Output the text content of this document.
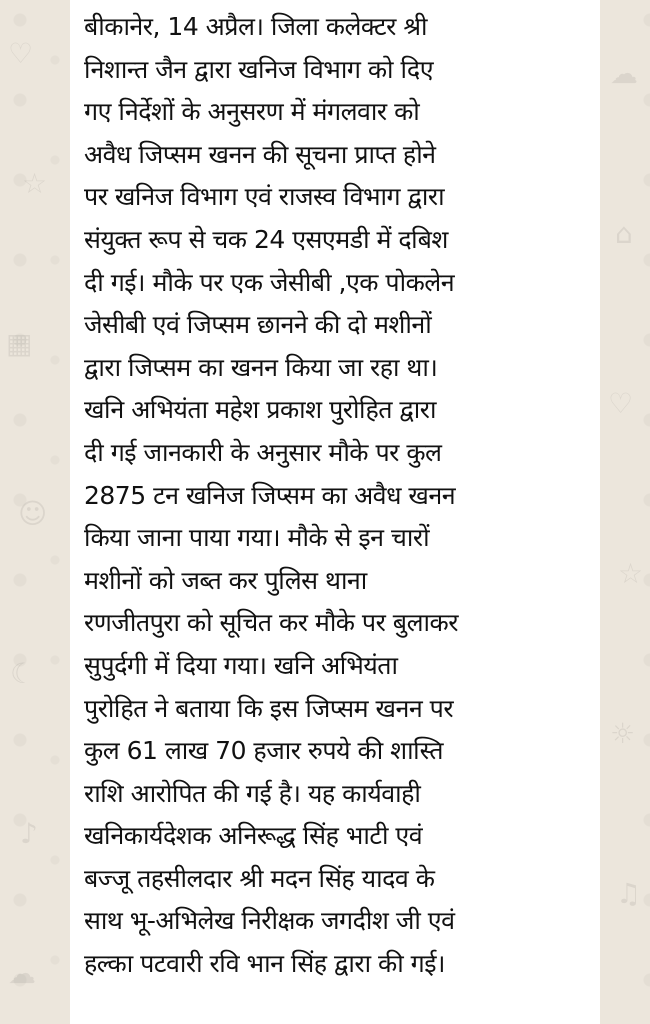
♡
☆
▦
☺
☾
♪
☁
☁
⌂
♡
☆
☼
♫

बीकानेर, 14 अप्रैल। जिला कलेक्टर श्री
निशान्त जैन द्वारा खनिज विभाग को दिए
गए निर्देशों के अनुसरण में मंगलवार को
अवैध जिप्सम खनन की सूचना प्राप्त होने
पर खनिज विभाग एवं राजस्व विभाग द्वारा
संयुक्त रूप से चक 24 एसएमडी में दबिश
दी गई। मौके पर एक जेसीबी ,एक पोकलेन
जेसीबी एवं जिप्सम छानने की दो मशीनों
द्वारा जिप्सम का खनन किया जा रहा था।
खनि अभियंता महेश प्रकाश पुरोहित द्वारा
दी गई जानकारी के अनुसार मौके पर कुल
2875 टन खनिज जिप्सम का अवैध खनन
किया जाना पाया गया। मौके से इन चारों
मशीनों को जब्त कर पुलिस थाना
रणजीतपुरा को सूचित कर मौके पर बुलाकर
सुपुर्दगी में दिया गया। खनि अभियंता
पुरोहित ने बताया कि इस जिप्सम खनन पर
कुल 61 लाख 70 हजार रुपये की शास्ति
राशि आरोपित की गई है। यह कार्यवाही
खनिकार्यदेशक अनिरूद्ध सिंह भाटी एवं
बज्जू तहसीलदार श्री मदन सिंह यादव के
साथ भू-अभिलेख निरीक्षक जगदीश जी एवं
हल्का पटवारी रवि भान सिंह द्वारा की गई।
